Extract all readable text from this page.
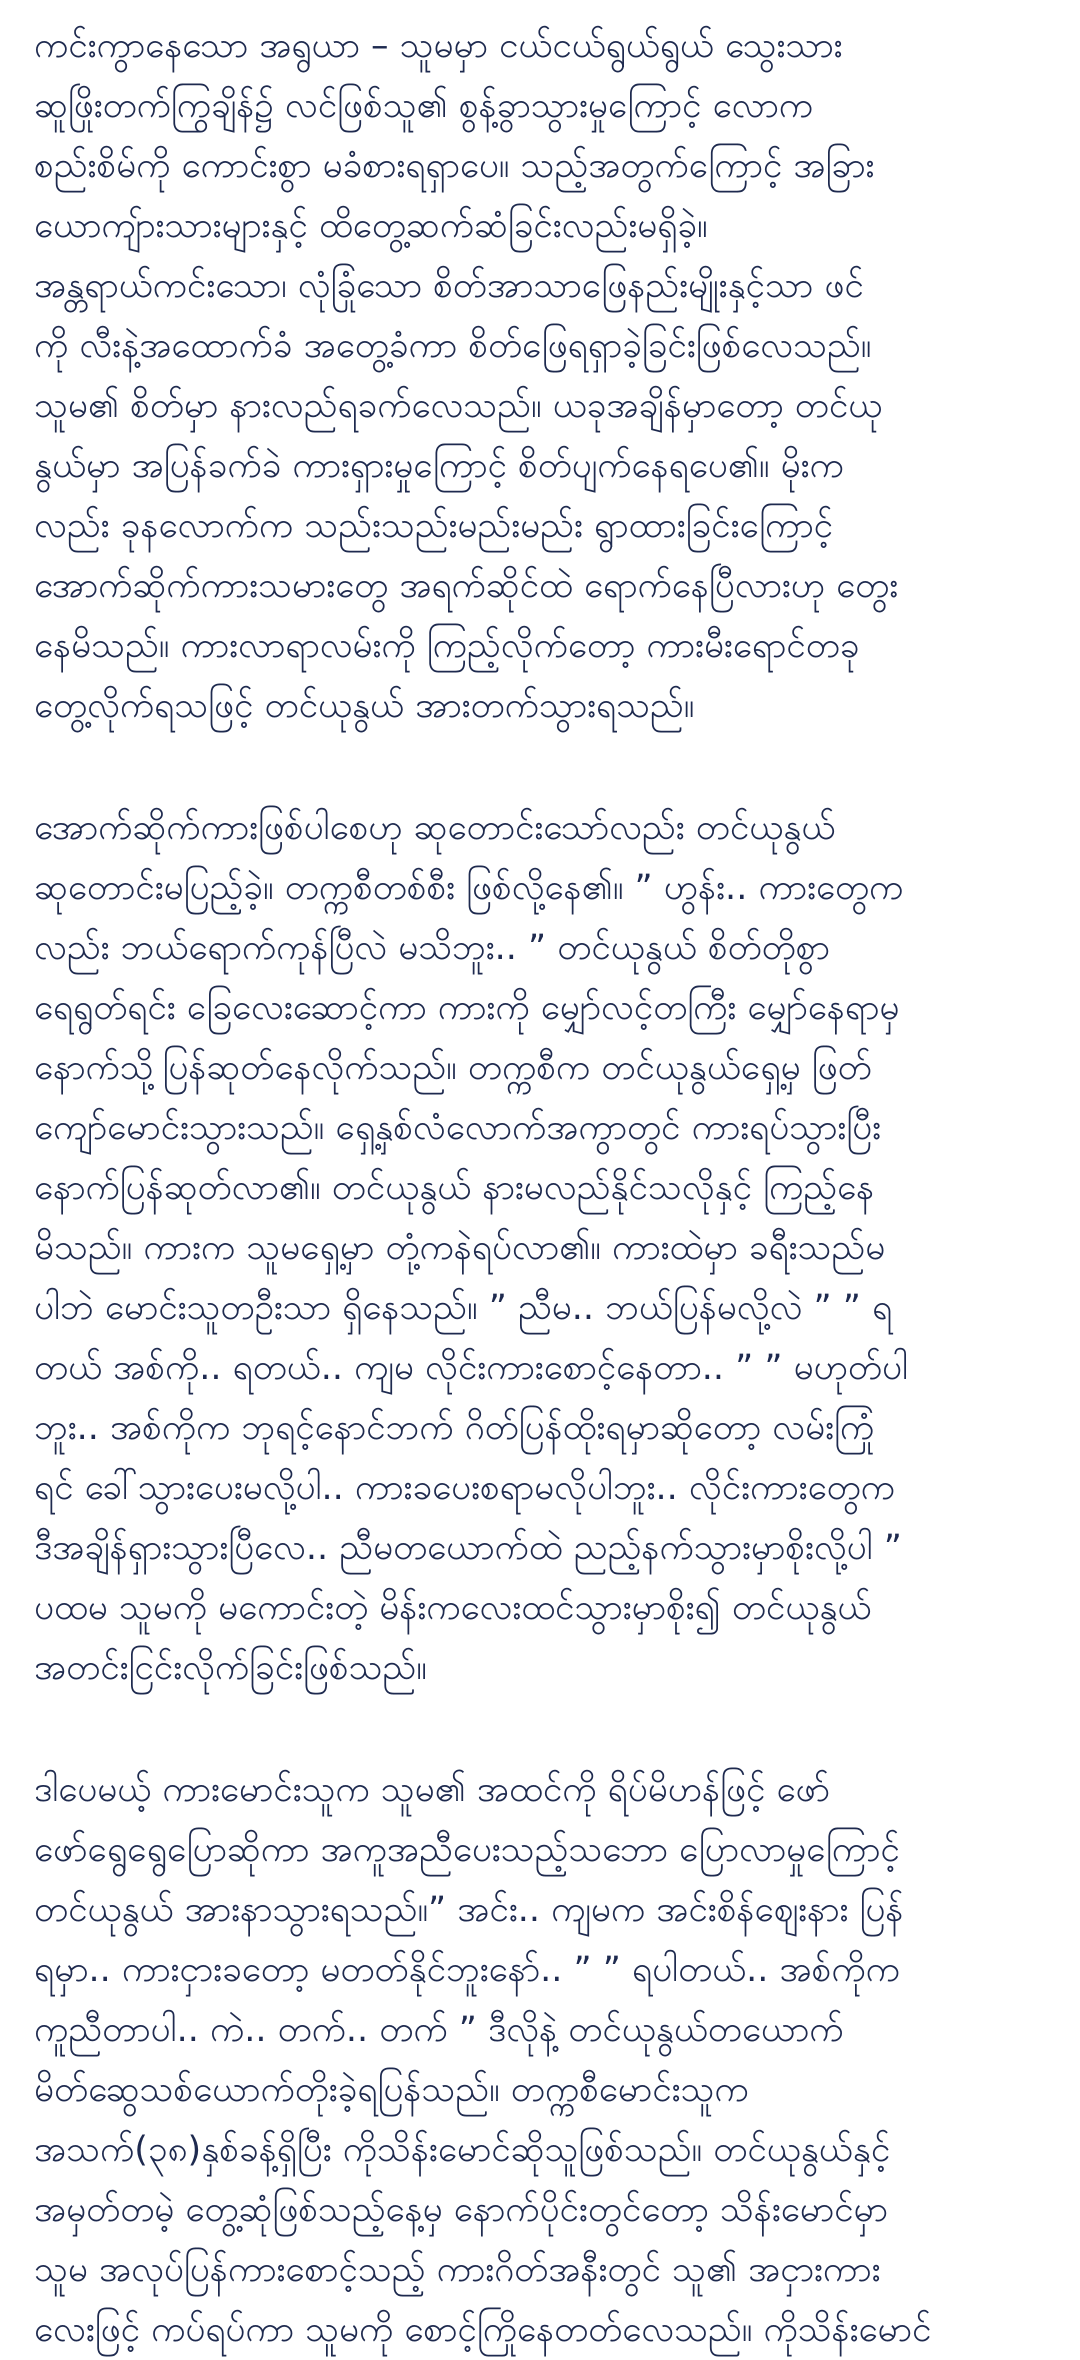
ကင်းကွာနေသော အရွယာ – သူမမှာ ငယ်ငယ်ရွယ်ရွယ် သွေးသား
ဆူဖြိုးတက်ကြွချိန်၌ လင်ဖြစ်သူ၏ စွန့်ခွာသွားမှုကြောင့် လောက
စည်းစိမ်ကို ကောင်းစွာ မခံစားရရှာပေ။ သည့်အတွက်ကြောင့် အခြား
ယောကျ်ားသားများနှင့် ထိတွေ့ဆက်ဆံခြင်းလည်းမရှိခဲ့။
အန္တရာယ်ကင်းသော၊ လုံခြုံသော စိတ်အာသာဖြေနည်းမျိုးနှင့်သာ ဖင်
ကို လီးနဲ့အထောက်ခံ အတွေ့ခံကာ စိတ်ဖြေရရှာခဲ့ခြင်းဖြစ်လေသည်။
သူမ၏ စိတ်မှာ နားလည်ရခက်လေသည်။ ယခုအချိန်မှာတော့ တင်ယု
နွယ်မှာ အပြန်ခက်ခဲ ကားရှားမှုကြောင့် စိတ်ပျက်နေရပေ၏။ မိုးက
လည်း ခုနလောက်က သည်းသည်းမည်းမည်း ရွာထားခြင်းကြောင့်
အောက်ဆိုက်ကားသမားတွေ အရက်ဆိုင်ထဲ ရောက်နေပြီလားဟု တွေး
နေမိသည်။ ကားလာရာလမ်းကို ကြည့်လိုက်တော့ ကားမီးရောင်တခု
တွေ့လိုက်ရသဖြင့် တင်ယုနွယ် အားတက်သွားရသည်။

အောက်ဆိုက်ကားဖြစ်ပါစေဟု ဆုတောင်းသော်လည်း တင်ယုနွယ်
ဆုတောင်းမပြည့်ခဲ့။ တက္ကစီတစ်စီး ဖြစ်လို့နေ၏။ ” ဟွန်း.. ကားတွေက
လည်း ဘယ်ရောက်ကုန်ပြီလဲ မသိဘူး.. ” တင်ယုနွယ် စိတ်တိုစွာ
ရေရွတ်ရင်း ခြေလေးဆောင့်ကာ ကားကို မျှော်လင့်တကြီး မျှော်နေရာမှ
နောက်သို့ပြန်ဆုတ်နေလိုက်သည်။ တက္ကစီက တင်ယုနွယ်ရှေ့မှ ဖြတ်
ကျော်မောင်းသွားသည်။ ရှေ့နှစ်လံလောက်အကွာတွင် ကားရပ်သွားပြီး
နောက်ပြန်ဆုတ်လာ၏။ တင်ယုနွယ် နားမလည်နိုင်သလိုနှင့် ကြည့်နေ
မိသည်။ ကားက သူမရှေ့မှာ တုံ့ကနဲရပ်လာ၏။ ကားထဲမှာ ခရီးသည်မ
ပါဘဲ မောင်းသူတဦးသာ ရှိနေသည်။ ” ညီမ.. ဘယ်ပြန်မလို့လဲ ” ” ရ
တယ် အစ်ကို.. ရတယ်.. ကျမ လိုင်းကားစောင့်နေတာ.. ” ” မဟုတ်ပါ
ဘူး.. အစ်ကိုက ဘုရင့်နောင်ဘက် ဂိတ်ပြန်ထိုးရမှာဆိုတော့ လမ်းကြုံ
ရင် ခေါ်သွားပေးမလို့ပါ.. ကားခပေးစရာမလိုပါဘူး.. လိုင်းကားတွေက
ဒီအချိန်ရှားသွားပြီလေ.. ညီမတယောက်ထဲ ညည့်နက်သွားမှာစိုးလို့ပါ ”
ပထမ သူမကို မကောင်းတဲ့ မိန်းကလေးထင်သွားမှာစိုး၍ တင်ယုနွယ်
အတင်းငြင်းလိုက်ခြင်းဖြစ်သည်။

ဒါပေမယ့် ကားမောင်းသူက သူမ၏ အထင်ကို ရိပ်မိဟန်ဖြင့် ဖော်
ဖော်ရွေရွေပြောဆိုကာ အကူအညီပေးသည့်သဘော ပြောလာမှုကြောင့်
တင်ယုနွယ် အားနာသွားရသည်။” အင်း.. ကျမက အင်းစိန်ဈေးနား ပြန်
ရမှာ.. ကားငှားခတော့ မတတ်နိုင်ဘူးနော်.. ” ” ရပါတယ်.. အစ်ကိုက
ကူညီတာပါ.. ကဲ.. တက်.. တက် ” ဒီလိုနဲ့ တင်ယုနွယ်တယောက်
မိတ်ဆွေသစ်ယောက်တိုးခဲ့ရပြန်သည်။ တက္ကစီမောင်းသူက
အသက်(၃၈)နှစ်ခန့်ရှိပြီး ကိုသိန်းမောင်ဆိုသူဖြစ်သည်။ တင်ယုနွယ်နှင့်
အမှတ်တမဲ့ တွေ့ဆုံဖြစ်သည့်နေ့မှ နောက်ပိုင်းတွင်တော့ သိန်းမောင်မှာ
သူမ အလုပ်ပြန်ကားစောင့်သည့် ကားဂိတ်အနီးတွင် သူ၏ အငှားကား
လေးဖြင့် ကပ်ရပ်ကာ သူမကို စောင့်ကြိုနေတတ်လေသည်။ ကိုသိန်းမောင်
